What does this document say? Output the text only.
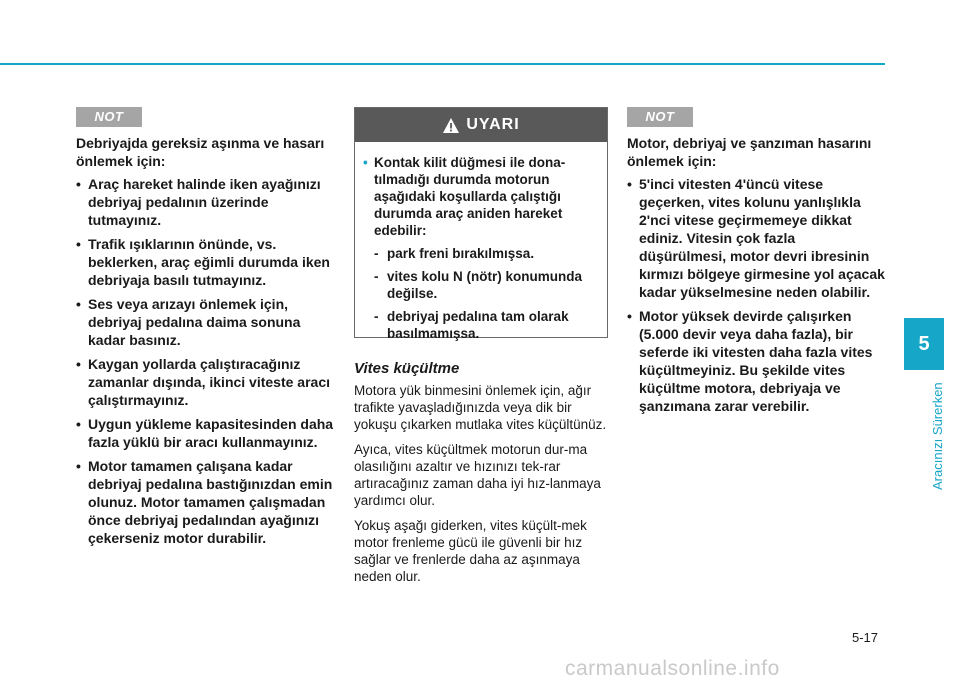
NOT
Debriyajda gereksiz aşınma ve hasarı önlemek için:
• Araç hareket halinde iken ayağınızı debriyaj pedalının üzerinde tutmayınız.
• Trafik ışıklarının önünde, vs. beklerken, araç eğimli durumda iken debriyaja basılı tutmayınız.
• Ses veya arızayı önlemek için, debriyaj pedalına daima sonuna kadar basınız.
• Kaygan yollarda çalıştıracağınız zamanlar dışında, ikinci viteste aracı çalıştırmayınız.
• Uygun yükleme kapasitesinden daha fazla yüklü bir aracı kullanmayınız.
• Motor tamamen çalışana kadar debriyaj pedalına bastığınızdan emin olunuz. Motor tamamen çalışmadan önce debriyaj pedalından ayağınızı çekerseniz motor durabilir.
UYARI
• Kontak kilit düğmesi ile dona-tılmadığı durumda motorun aşağıdaki koşullarda çalıştığı durumda araç aniden hareket edebilir:
- park freni bırakılmışsa.
- vites kolu N (nötr) konumunda değilse.
- debriyaj pedalına tam olarak basılmamışsa.
Vites küçültme

Motora yük binmesini önlemek için, ağır trafikte yavaşladığınızda veya dik bir yokuşu çıkarken mutlaka vites küçültünüz.

Ayıca, vites küçültmek motorun dur-ma olasılığını azaltır ve hızınızı tek-rar artıracağınız zaman daha iyi hız-lanmaya yardımcı olur.

Yokuş aşağı giderken, vites küçült-mek motor frenleme gücü ile güvenli bir hız sağlar ve frenlerde daha az aşınmaya neden olur.

NOT
Motor, debriyaj ve şanzıman hasarını önlemek için:
• 5'inci vitesten 4'üncü vitese geçerken, vites kolunu yanlışlıkla 2'nci vitese geçirmemeye dikkat ediniz. Vitesin çok fazla düşürülmesi, motor devri ibresinin kırmızı bölgeye girmesine yol açacak kadar yükselmesine neden olabilir.
• Motor yüksek devirde çalışırken (5.000 devir veya daha fazla), bir seferde iki vitesten daha fazla vites küçültmeyiniz. Bu şekilde vites küçültme motora, debriyaja ve şanzımana zarar verebilir.
5
Aracınızı Sürerken
5-17
carmanualsonline.info
